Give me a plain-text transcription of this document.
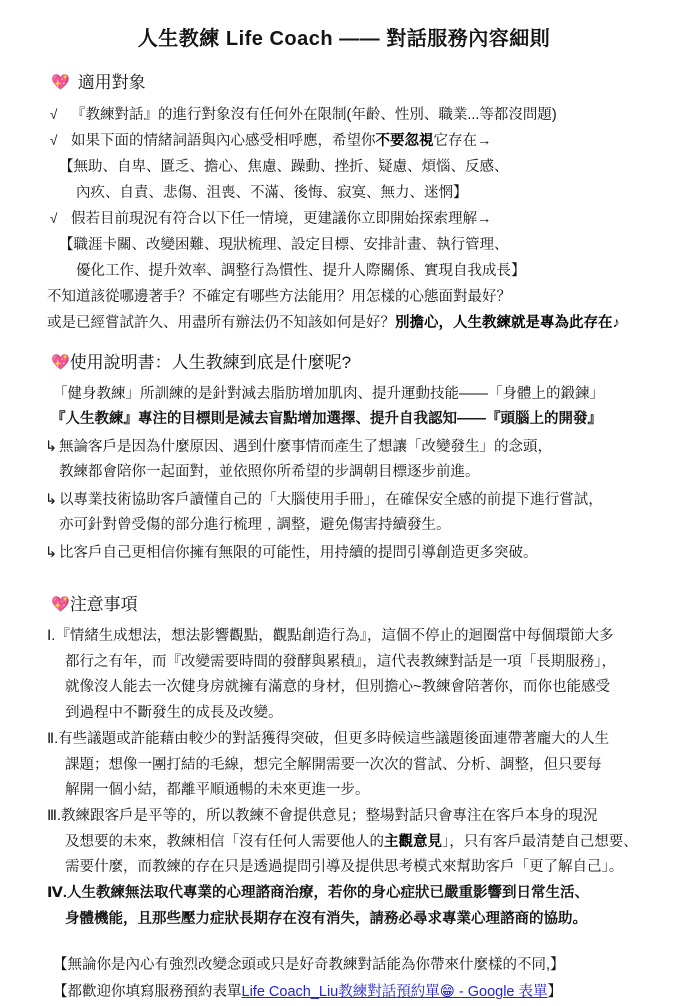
人生教練 Life Coach —— 對話服務內容細則
💖 適用對象
√ 『教練對話』的進行對象沒有任何外在限制(年齡、性別、職業...等都沒問題)
√ 如果下面的情緒詞語與內心感受相呼應，希望你不要忽視它存在→
【無助、自卑、匱乏、擔心、焦慮、躁動、挫折、疑慮、煩惱、反感、
內疚、自責、悲傷、沮喪、不滿、後悔、寂寞、無力、迷惘】
√ 假若目前現況有符合以下任一情境，更建議你立即開始探索理解→
【職涯卡關、改變困難、現狀梳理、設定目標、安排計畫、執行管理、
優化工作、提升效率、調整行為慣性、提升人際關係、實現自我成長】
不知道該從哪邊著手？不確定有哪些方法能用？用怎樣的心態面對最好？
或是已經嘗試許久、用盡所有辦法仍不知該如何是好？別擔心，人生教練就是專為此存在♪
💖 使用說明書：人生教練到底是什麼呢?
「健身教練」所訓練的是針對減去脂肪增加肌肉、提升運動技能——「身體上的鍛鍊」
『人生教練』專注的目標則是減去盲點增加選擇、提升自我認知——『頭腦上的開發』
↳ 無論客戶是因為什麼原因、遇到什麼事情而產生了想讓「改變發生」的念頭，
教練都會陪你一起面對，並依照你所希望的步調朝目標逐步前進。
↳ 以專業技術協助客戶讀懂自己的「大腦使用手冊」，在確保安全感的前提下進行嘗試，
亦可針對曾受傷的部分進行梳理﹐調整，避免傷害持續發生。
↳ 比客戶自己更相信你擁有無限的可能性，用持續的提問引導創造更多突破。
💖 注意事項
Ⅰ.『情緒生成想法，想法影響觀點，觀點創造行為』，這個不停止的迴圈當中每個環節大多
都行之有年，而『改變需要時間的發酵與累積』，這代表教練對話是一項「長期服務」，
就像沒人能去一次健身房就擁有滿意的身材，但別擔心~教練會陪著你，而你也能感受
到過程中不斷發生的成長及改變。
Ⅱ.有些議題或許能藉由較少的對話獲得突破，但更多時候這些議題後面連帶著龐大的人生
課題；想像一團打結的毛線，想完全解開需要一次次的嘗試、分析、調整，但只要每
解開一個小結，都離平順通暢的未來更進一步。
Ⅲ.教練跟客戶是平等的，所以教練不會提供意見；整場對話只會專注在客戶本身的現況
及想要的未來，教練相信「沒有任何人需要他人的主觀意見」，只有客戶最清楚自己想要、
需要什麼，而教練的存在只是透過提問引導及提供思考模式來幫助客戶「更了解自己」。
Ⅳ.人生教練無法取代專業的心理諮商治療，若你的身心症狀已嚴重影響到日常生活、
身體機能，且那些壓力症狀長期存在沒有消失，請務必尋求專業心理諮商的協助。
【無論你是內心有強烈改變念頭或只是好奇教練對話能為你帶來什麼樣的不同,】
【都歡迎你填寫服務預約表單Life Coach_Liu教練對話預約單😁 - Google 表單】
